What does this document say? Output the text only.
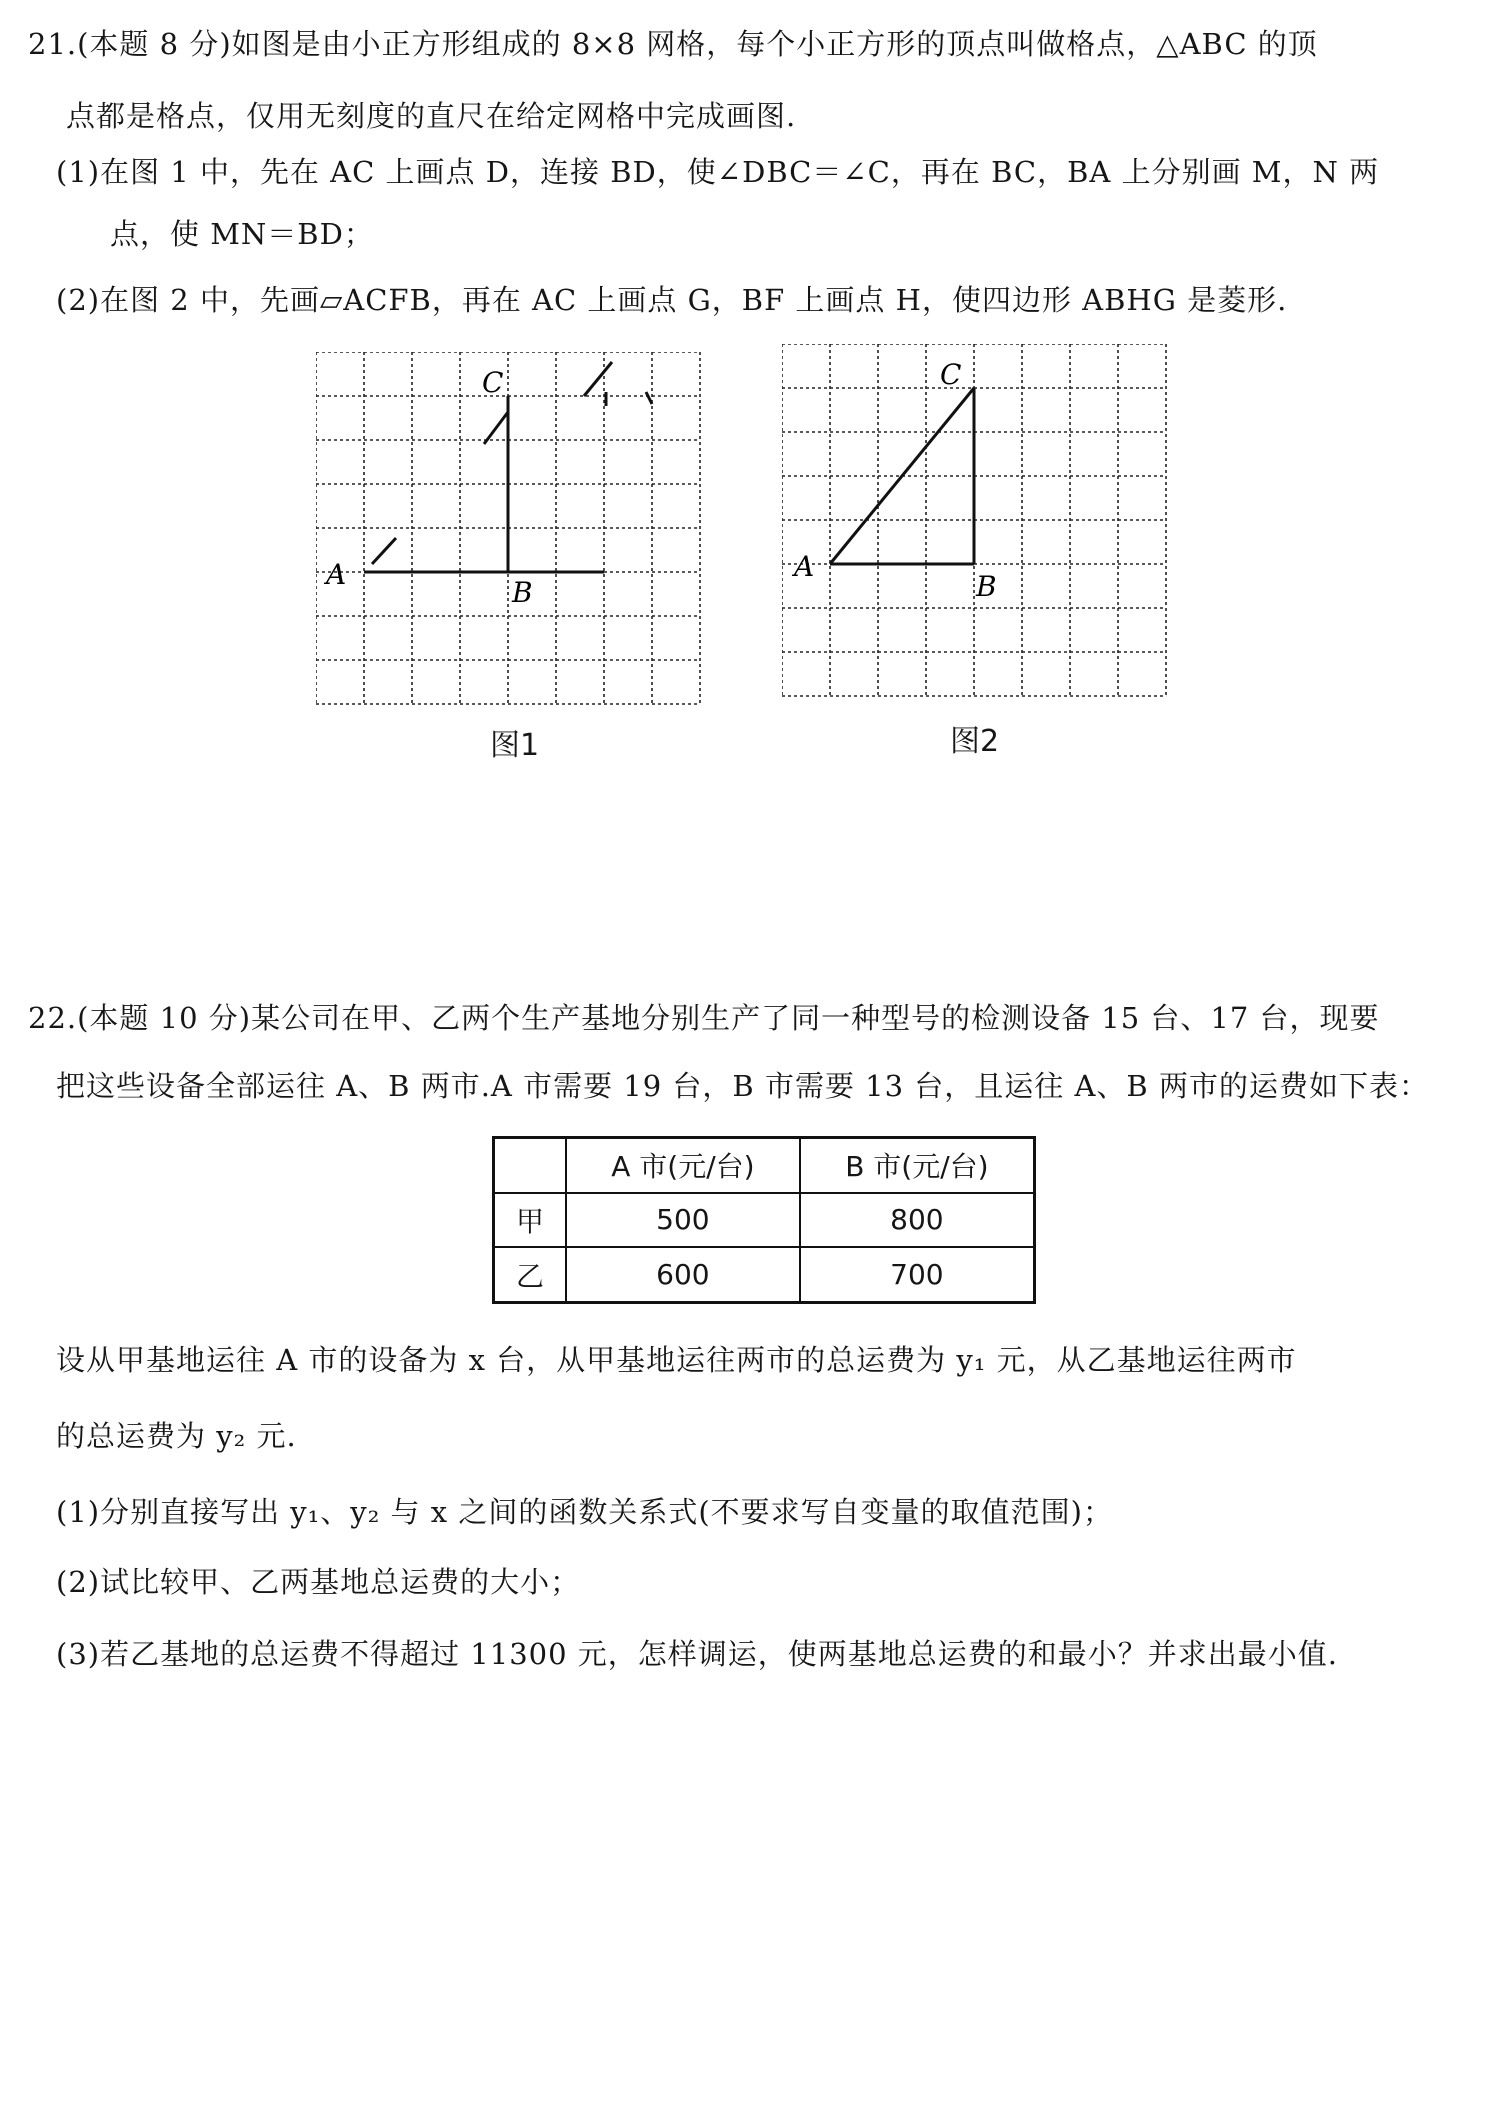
21.(本题 8 分)如图是由小正方形组成的 8×8 网格，每个小正方形的顶点叫做格点，△ABC 的顶
点都是格点，仅用无刻度的直尺在给定网格中完成画图.
(1)在图 1 中，先在 AC 上画点 D，连接 BD，使∠DBC＝∠C，再在 BC，BA 上分别画 M，N 两
点，使 MN＝BD；
(2)在图 2 中，先画▱ACFB，再在 AC 上画点 G，BF 上画点 H，使四边形 ABHG 是菱形.
A
B
C
图1
A
B
C
图2
22.(本题 10 分)某公司在甲、乙两个生产基地分别生产了同一种型号的检测设备 15 台、17 台，现要
把这些设备全部运往 A、B 两市.A 市需要 19 台，B 市需要 13 台，且运往 A、B 两市的运费如下表：
	A 市(元/台)	B 市(元/台)
甲	500	800
乙	600	700
设从甲基地运往 A 市的设备为 x 台，从甲基地运往两市的总运费为 y₁ 元，从乙基地运往两市
的总运费为 y₂ 元.
(1)分别直接写出 y₁、y₂ 与 x 之间的函数关系式(不要求写自变量的取值范围)；
(2)试比较甲、乙两基地总运费的大小；
(3)若乙基地的总运费不得超过 11300 元，怎样调运，使两基地总运费的和最小？并求出最小值.
